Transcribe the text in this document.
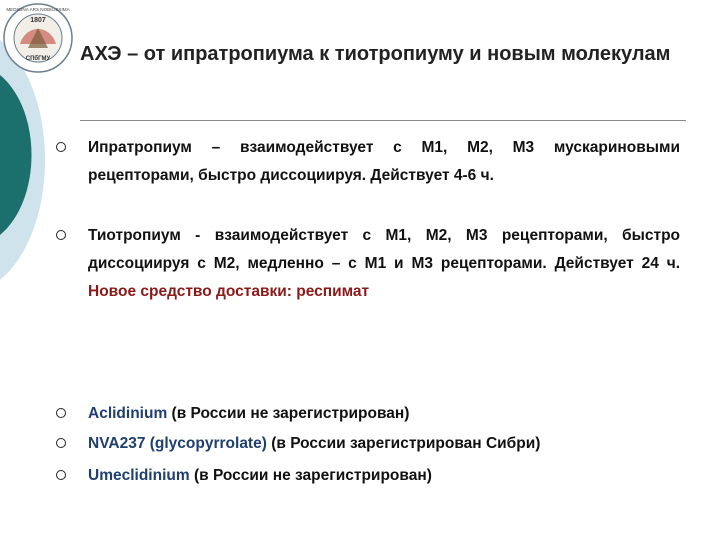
1807
СПбГМУ
MEDICINA ARS NOBILISSIMA
АХЭ – от ипратропиума к тиотропиуму и новым молекулам
Ипратропиум – взаимодействует с М1, М2, М3 мускариновыми рецепторами, быстро диссоциируя. Действует 4-6 ч.
Тиотропиум - взаимодействует с М1, М2, М3 рецепторами, быстро диссоциируя с М2, медленно – с М1 и М3 рецепторами. Действует 24 ч. Новое средство доставки: респимат
Aclidinium (в России не зарегистрирован)
NVA237 (glycopyrrolate) (в России зарегистрирован Сибри)
Umeclidinium (в России не зарегистрирован)
